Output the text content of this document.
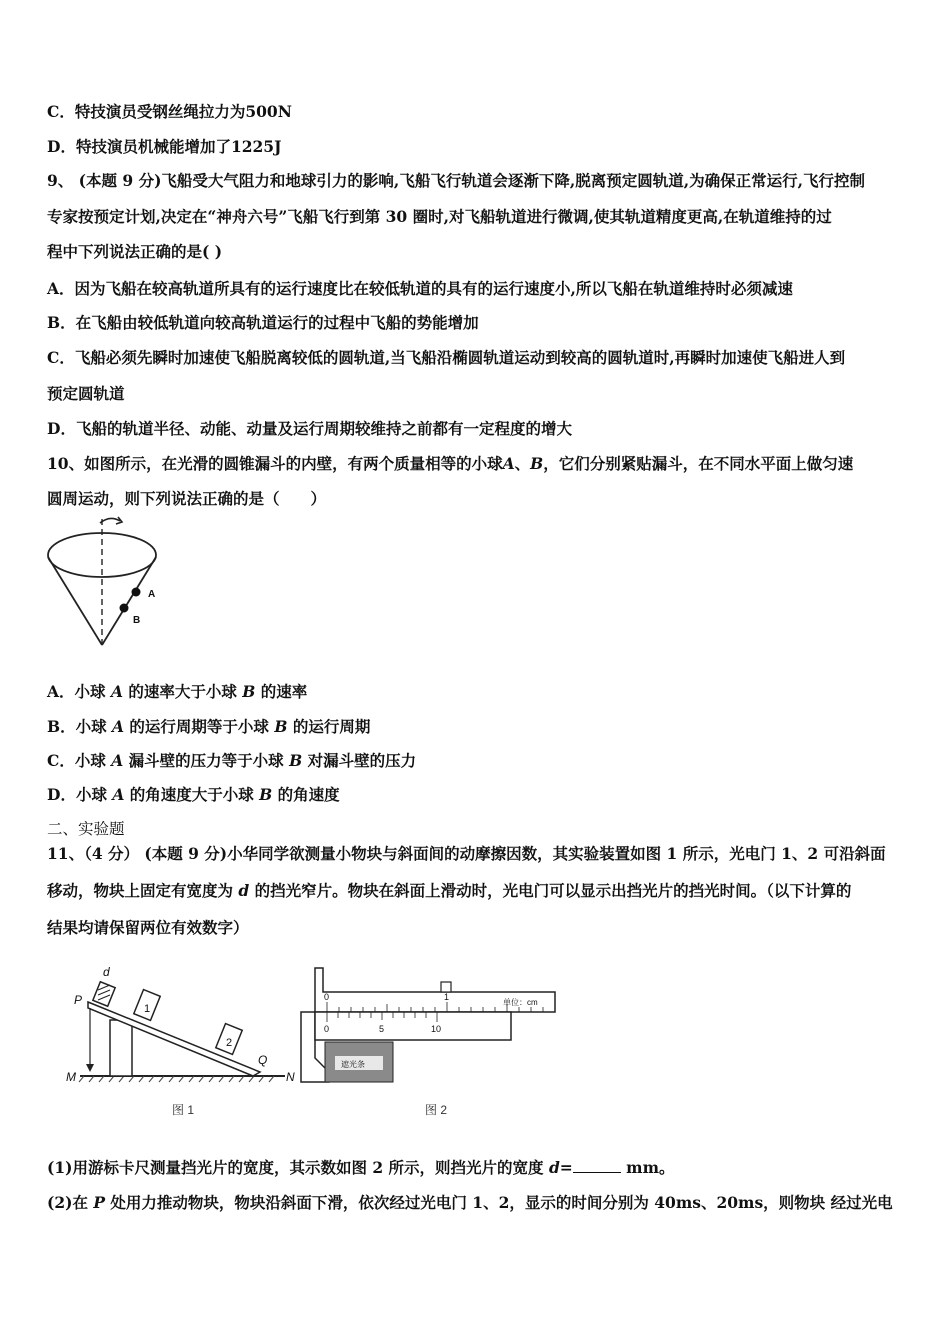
C．特技演员受钢丝绳拉力为500N
D．特技演员机械能增加了1225J
9、 (本题 9 分)飞船受大气阻力和地球引力的影响,飞船飞行轨道会逐渐下降,脱离预定圆轨道,为确保正常运行,飞行控制
专家按预定计划,决定在“神舟六号”飞船飞行到第 30 圈时,对飞船轨道进行微调,使其轨道精度更高,在轨道维持的过
程中下列说法正确的是( )
A．因为飞船在较高轨道所具有的运行速度比在较低轨道的具有的运行速度小,所以飞船在轨道维持时必须减速
B．在飞船由较低轨道向较高轨道运行的过程中飞船的势能增加
C．飞船必须先瞬时加速使飞船脱离较低的圆轨道,当飞船沿椭圆轨道运动到较高的圆轨道时,再瞬时加速使飞船进人到
预定圆轨道
D．飞船的轨道半径、动能、动量及运行周期较维持之前都有一定程度的增大
10、如图所示，在光滑的圆锥漏斗的内壁，有两个质量相等的小球A、B，它们分别紧贴漏斗，在不同水平面上做匀速
圆周运动，则下列说法正确的是（　　）
A
B
A．小球 A 的速率大于小球 B 的速率
B．小球 A 的运行周期等于小球 B 的运行周期
C．小球 A 漏斗壁的压力等于小球 B 对漏斗壁的压力
D．小球 A 的角速度大于小球 B 的角速度
二、实验题
11、（4 分） (本题 9 分)小华同学欲测量小物块与斜面间的动摩擦因数，其实验装置如图 1 所示，光电门 1、2 可沿斜面
移动，物块上固定有宽度为 d 的挡光窄片。物块在斜面上滑动时，光电门可以显示出挡光片的挡光时间。（以下计算的
结果均请保留两位有效数字）
d
P
1
2
M
Q
N
图 1
0	1
单位：cm
0	5	10
遮光条
图 2
(1)用游标卡尺测量挡光片的宽度，其示数如图 2 所示，则挡光片的宽度 d=	mm。
(2)在 P 处用力推动物块，物块沿斜面下滑，依次经过光电门 1、2，显示的时间分别为 40ms、20ms，则物块 经过光电
